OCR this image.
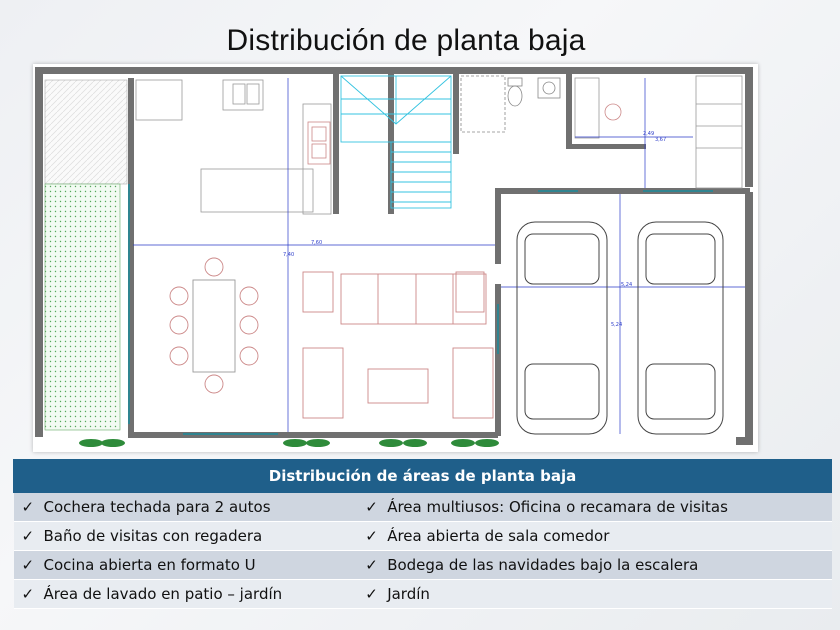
Distribución de planta baja
7,60
7,40
5,24
5,24
2,49
3,67
Distribución de áreas de planta baja	
✓ Cochera techada para 2 autos	✓ Área multiusos: Oficina o recamara de visitas
✓ Baño de visitas con regadera	✓ Área abierta de sala comedor
✓ Cocina abierta en formato U	✓ Bodega de las navidades bajo la escalera
✓ Área de lavado en patio – jardín	✓ Jardín
